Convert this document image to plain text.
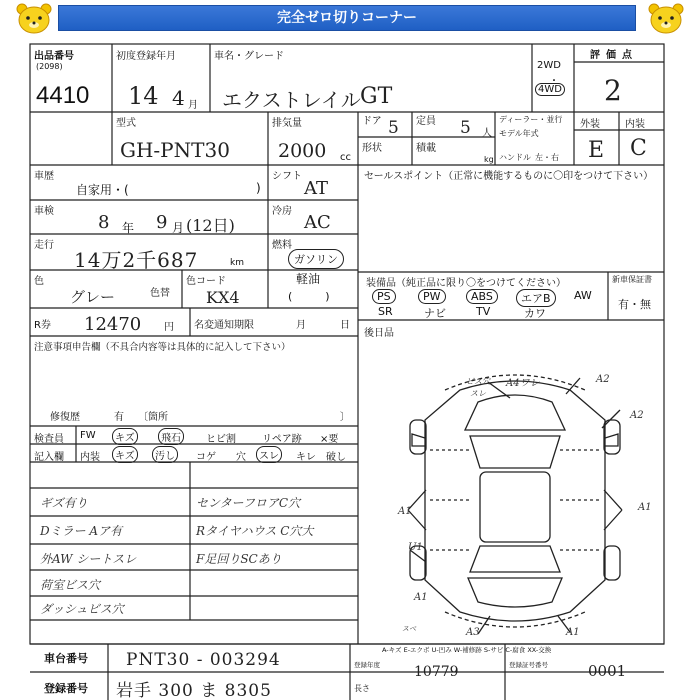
完全ゼロ切りコーナー
出品番号
(2098)
4410
初度登録年月
14 4 月
車名・グレード
エクストレイル GT
2WD
・
4WD
評価点
2
型式
GH-PNT30
排気量
2000 cc
ドア 5 定員 5 人
形状	積載
kg
ディーラー・並行
モデル年式
ハンドル 左・右
外装	内装
E C
車歴
自家用・(	)
シフト
AT
セールスポイント（正常に機能するものに〇印をつけて下さい）
車検
8 年 9 月 (12日)
冷房
AC
走行
14万2千687	km
燃料
ガソリン
色
グレー	色替
色コード
KX4
軽油
(　　　)
装備品（純正品に限り〇をつけてください）	新車保証書
有・無
PS	PW	ABS	エアB	AW
SR	ナビ	TV	カワ
R券 12470 円 名変通知期限	月	日
後日品
注意事項申告欄（不具合内容等は具体的に記入して下さい）
修復歴	有 〔箇所	〕
検査員 FW	キズ	飛石	ヒビ割	リペア跡 ×要
記入欄 内装	キズ	汚し	コゲ 穴	スレ	キレ 破し
ギズ有り	センターフロアC穴
Dミラー Aア有	Rタイヤハウス C穴大
外AW シートスレ	F足回りSCあり
荷室ビス穴
ダッシュビス穴
ビス穴
スレ
A4ワレ	A2
A2
A1	A1
U1
A1
スベ	A3	A1
A-キズ E-エクボ U-凹み W-補修跡 S-サビ C-腐食 XX-交換
車台番号 PNT30 - 003294
登録番号 岩手 300 ま 8305
登録年度 10779	登録証号番号	0001
長さ
